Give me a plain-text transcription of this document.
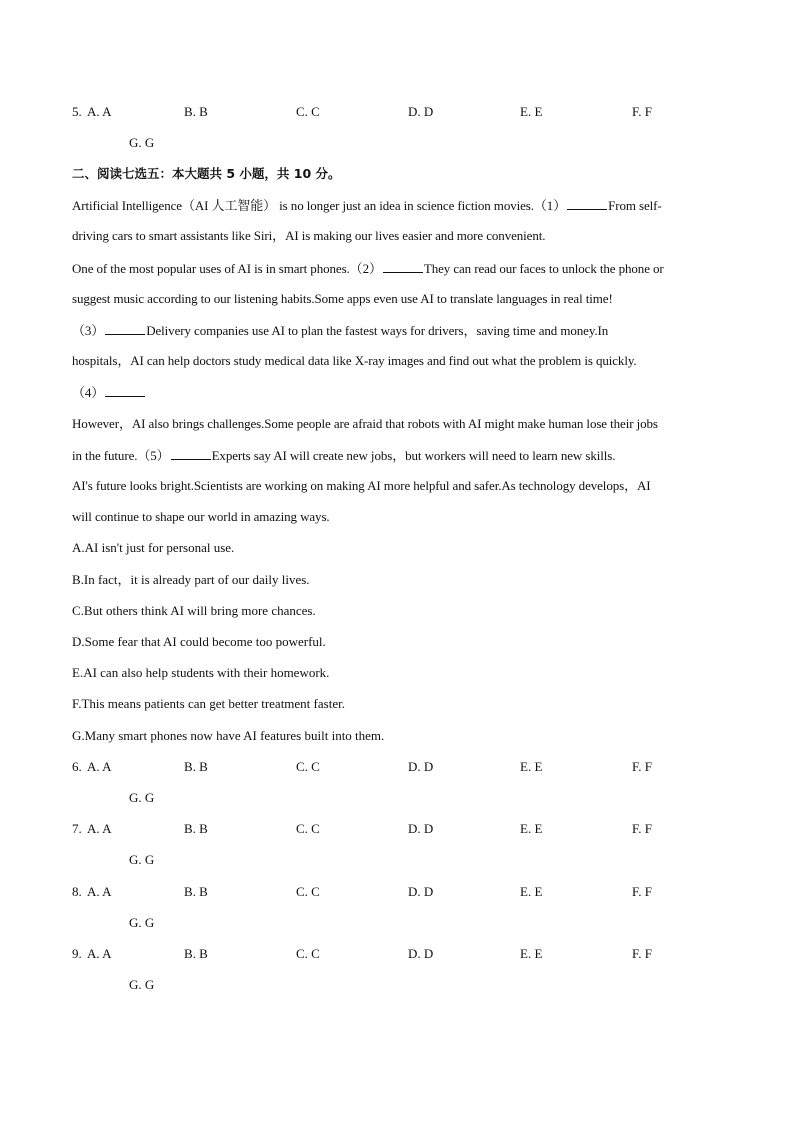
5. A. A	B. B	C. C	D. D	E. E	F. F
G. G
二、阅读七选五：本大题共 5 小题，共 10 分。
Artificial Intelligence（AI 人工智能） is no longer just an idea in science fiction movies.（1）	From self-
driving cars to smart assistants like Siri，AI is making our lives easier and more convenient.
One of the most popular uses of AI is in smart phones.（2）	They can read our faces to unlock the phone or
suggest music according to our listening habits.Some apps even use AI to translate languages in real time!
（3）	Delivery companies use AI to plan the fastest ways for drivers，saving time and money.In
hospitals，AI can help doctors study medical data like X-ray images and find out what the problem is quickly.
（4）
However，AI also brings challenges.Some people are afraid that robots with AI might make human lose their jobs
in the future.（5）	Experts say AI will create new jobs，but workers will need to learn new skills.
AI's future looks bright.Scientists are working on making AI more helpful and safer.As technology develops，AI
will continue to shape our world in amazing ways.
A.AI isn't just for personal use.
B.In fact，it is already part of our daily lives.
C.But others think AI will bring more chances.
D.Some fear that AI could become too powerful.
E.AI can also help students with their homework.
F.This means patients can get better treatment faster.
G.Many smart phones now have AI features built into them.
6. A. A	B. B	C. C	D. D	E. E	F. F
G. G
7. A. A	B. B	C. C	D. D	E. E	F. F
G. G
8. A. A	B. B	C. C	D. D	E. E	F. F
G. G
9. A. A	B. B	C. C	D. D	E. E	F. F
G. G
